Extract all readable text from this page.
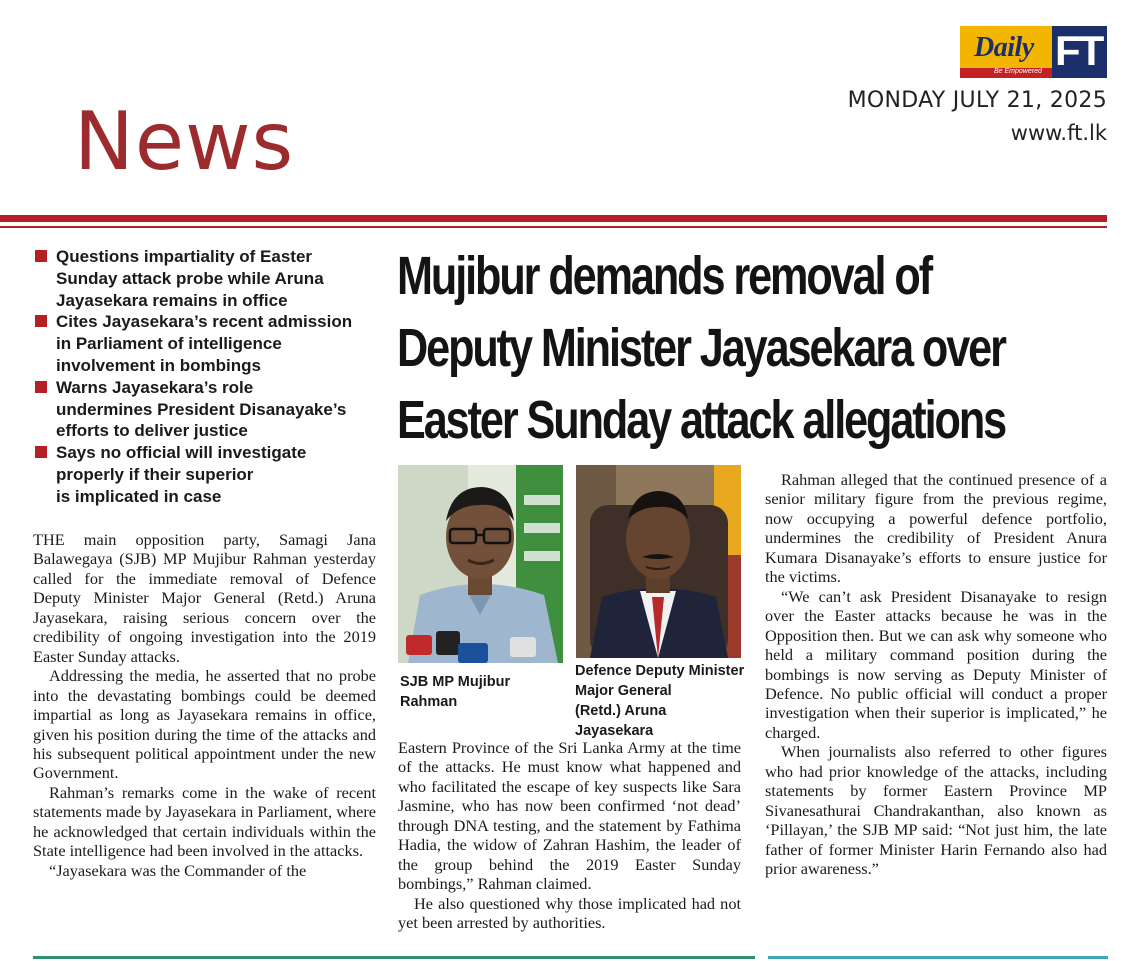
Daily
Be Empowered FT
MONDAY JULY 21, 2025
www.ft.lk
News
Questions impartiality of Easter
Sunday attack probe while Aruna
Jayasekara remains in office
Cites Jayasekara’s recent admission
in Parliament of intelligence
involvement in bombings
Warns Jayasekara’s role
undermines President Disanayake’s
efforts to deliver justice
Says no official will investigate
properly if their superior
is implicated in case
Mujibur demands removal of
Deputy Minister Jayasekara over
Easter Sunday attack allegations
SJB MP Mujibur
Rahman
Defence Deputy Minister
Major General
(Retd.) Aruna Jayasekara

THE main opposition party, Samagi Jana Balawegaya (SJB) MP Mujibur Rahman yesterday called for the immediate removal of Defence Deputy Minister Major General (Retd.) Aruna Jayasekara, raising serious concern over the credibility of ongoing investigation into the 2019 Easter Sunday attacks.

Addressing the media, he asserted that no probe into the devastating bombings could be deemed impartial as long as Jayasekara remains in office, given his position during the time of the attacks and his subsequent political appointment under the new Government.

Rahman’s remarks come in the wake of recent statements made by Jayasekara in Parliament, where he acknowledged that certain individuals within the State intelligence had been involved in the attacks.

“Jayasekara was the Commander of the

Eastern Province of the Sri Lanka Army at the time of the attacks. He must know what happened and who facilitated the escape of key suspects like Sara Jasmine, who has now been confirmed ‘not dead’ through DNA testing, and the statement by Fathima Hadia, the widow of Zahran Hashim, the leader of the group behind the 2019 Easter Sunday bombings,” Rahman claimed.

He also questioned why those implicated had not yet been arrested by authorities.

Rahman alleged that the continued presence of a senior military figure from the previous regime, now occupying a powerful defence portfolio, undermines the credibility of President Anura Kumara Disanayake’s efforts to ensure justice for the victims.

“We can’t ask President Disanayake to resign over the Easter attacks because he was in the Opposition then. But we can ask why someone who held a military command position during the bombings is now serving as Deputy Minister of Defence. No public official will conduct a proper investigation when their superior is implicated,” he charged.

When journalists also referred to other figures who had prior knowledge of the attacks, including statements by former Eastern Province MP Sivanesathurai Chandrakanthan, also known as ‘Pillayan,’ the SJB MP said: “Not just him, the late father of former Minister Harin Fernando also had prior awareness.”
